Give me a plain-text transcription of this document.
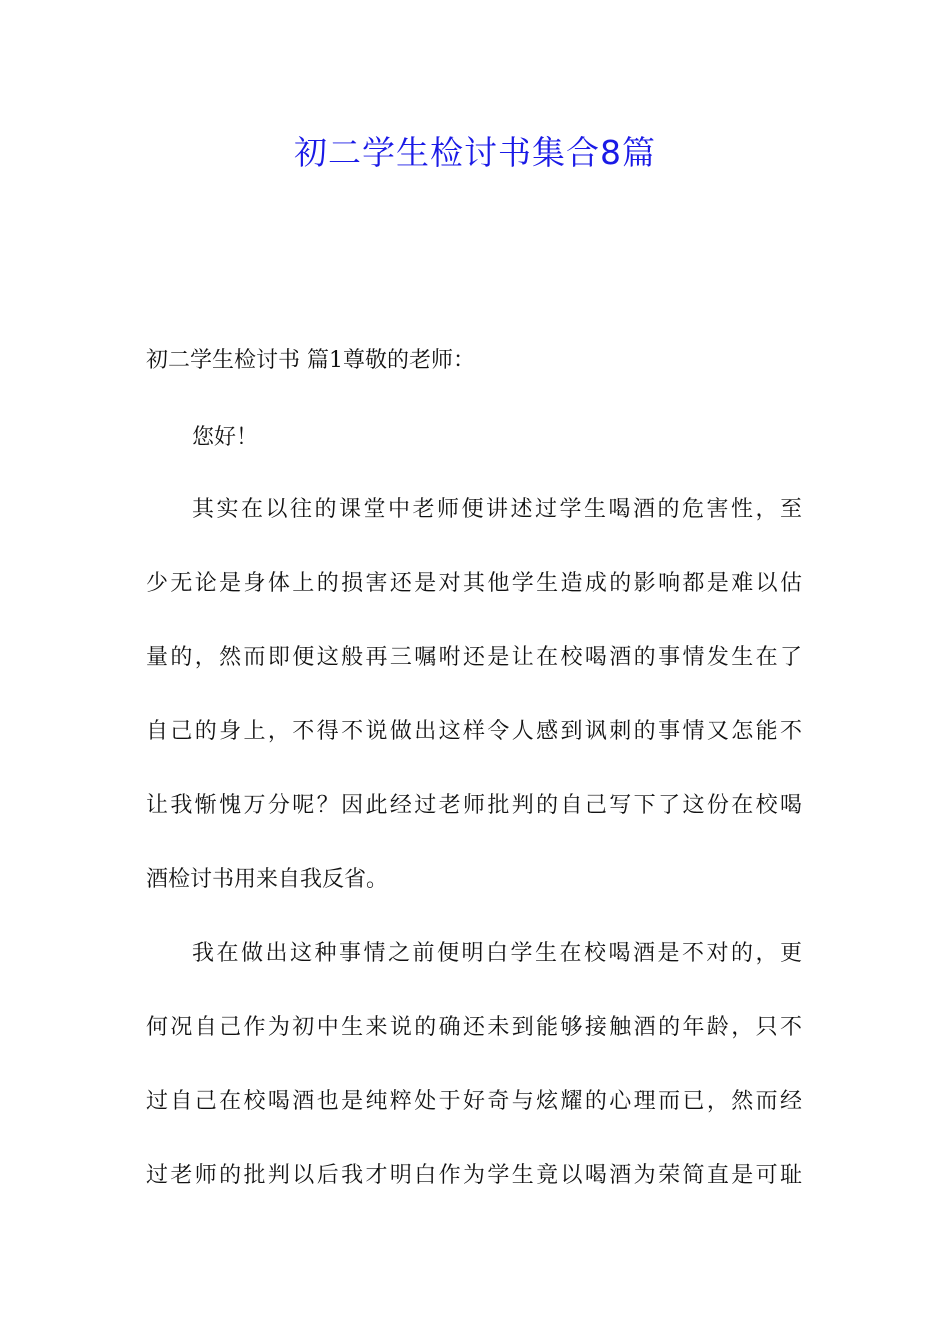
初二学生检讨书集合8篇
初二学生检讨书 篇1尊敬的老师：
您好！
其实在以往的课堂中老师便讲述过学生喝酒的危害性，至
少无论是身体上的损害还是对其他学生造成的影响都是难以估
量的，然而即便这般再三嘱咐还是让在校喝酒的事情发生在了
自己的身上，不得不说做出这样令人感到讽刺的事情又怎能不
让我惭愧万分呢？因此经过老师批判的自己写下了这份在校喝
酒检讨书用来自我反省。
我在做出这种事情之前便明白学生在校喝酒是不对的，更
何况自己作为初中生来说的确还未到能够接触酒的年龄，只不
过自己在校喝酒也是纯粹处于好奇与炫耀的心理而已，然而经
过老师的批判以后我才明白作为学生竟以喝酒为荣简直是可耻
